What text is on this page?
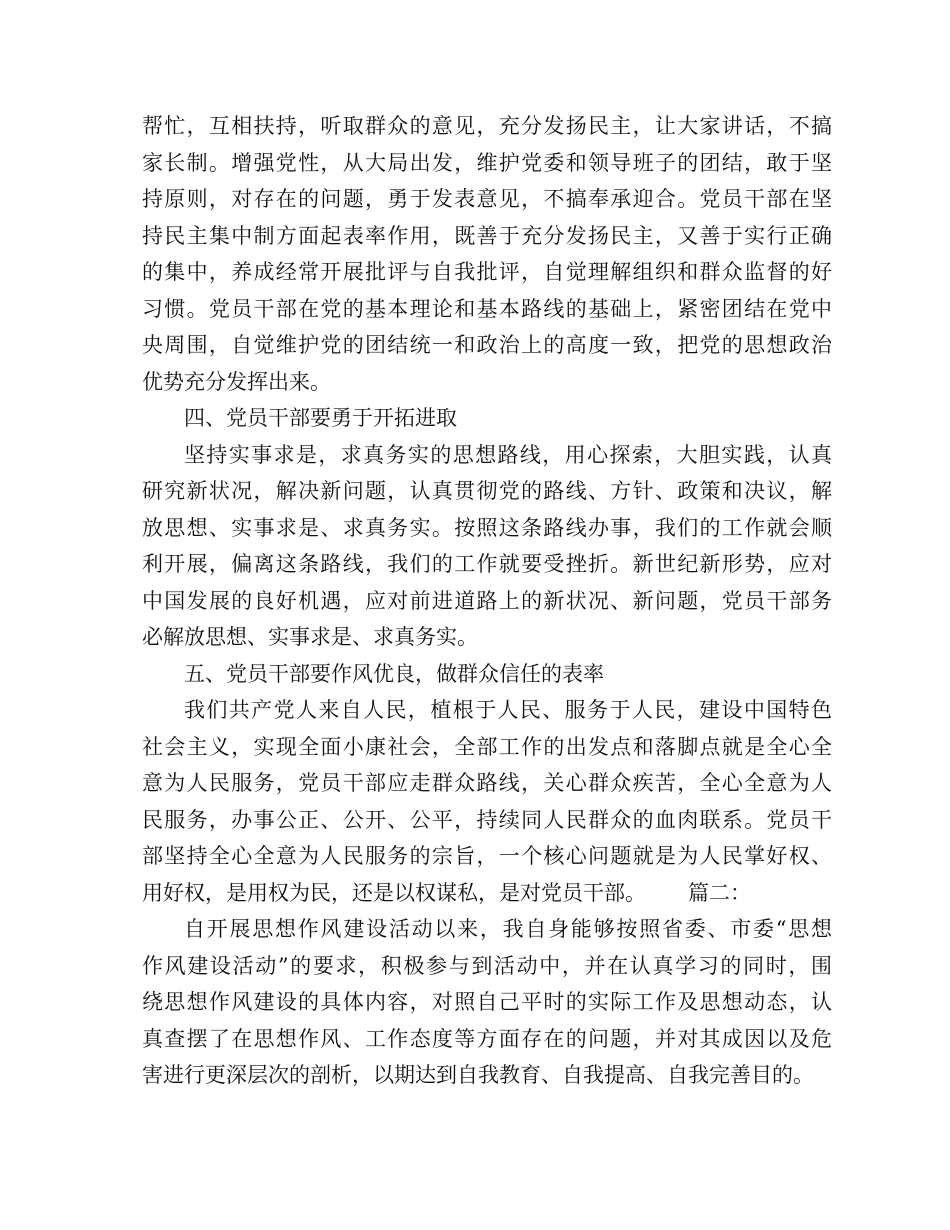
帮忙，互相扶持，听取群众的意见，充分发扬民主，让大家讲话，不搞
家长制。增强党性，从大局出发，维护党委和领导班子的团结，敢于坚
持原则，对存在的问题，勇于发表意见，不搞奉承迎合。党员干部在坚
持民主集中制方面起表率作用，既善于充分发扬民主，又善于实行正确
的集中，养成经常开展批评与自我批评，自觉理解组织和群众监督的好
习惯。党员干部在党的基本理论和基本路线的基础上，紧密团结在党中
央周围，自觉维护党的团结统一和政治上的高度一致，把党的思想政治
优势充分发挥出来。
四、党员干部要勇于开拓进取
坚持实事求是，求真务实的思想路线，用心探索，大胆实践，认真
研究新状况，解决新问题，认真贯彻党的路线、方针、政策和决议，解
放思想、实事求是、求真务实。按照这条路线办事，我们的工作就会顺
利开展，偏离这条路线，我们的工作就要受挫折。新世纪新形势，应对
中国发展的良好机遇，应对前进道路上的新状况、新问题，党员干部务
必解放思想、实事求是、求真务实。
五、党员干部要作风优良，做群众信任的表率
我们共产党人来自人民，植根于人民、服务于人民，建设中国特色
社会主义，实现全面小康社会，全部工作的出发点和落脚点就是全心全
意为人民服务，党员干部应走群众路线，关心群众疾苦，全心全意为人
民服务，办事公正、公开、公平，持续同人民群众的血肉联系。党员干
部坚持全心全意为人民服务的宗旨，一个核心问题就是为人民掌好权、
用好权，是用权为民，还是以权谋私，是对党员干部。 篇二：
自开展思想作风建设活动以来，我自身能够按照省委、市委“思想
作风建设活动”的要求，积极参与到活动中，并在认真学习的同时，围
绕思想作风建设的具体内容，对照自己平时的实际工作及思想动态，认
真查摆了在思想作风、工作态度等方面存在的问题，并对其成因以及危
害进行更深层次的剖析，以期达到自我教育、自我提高、自我完善目的。
